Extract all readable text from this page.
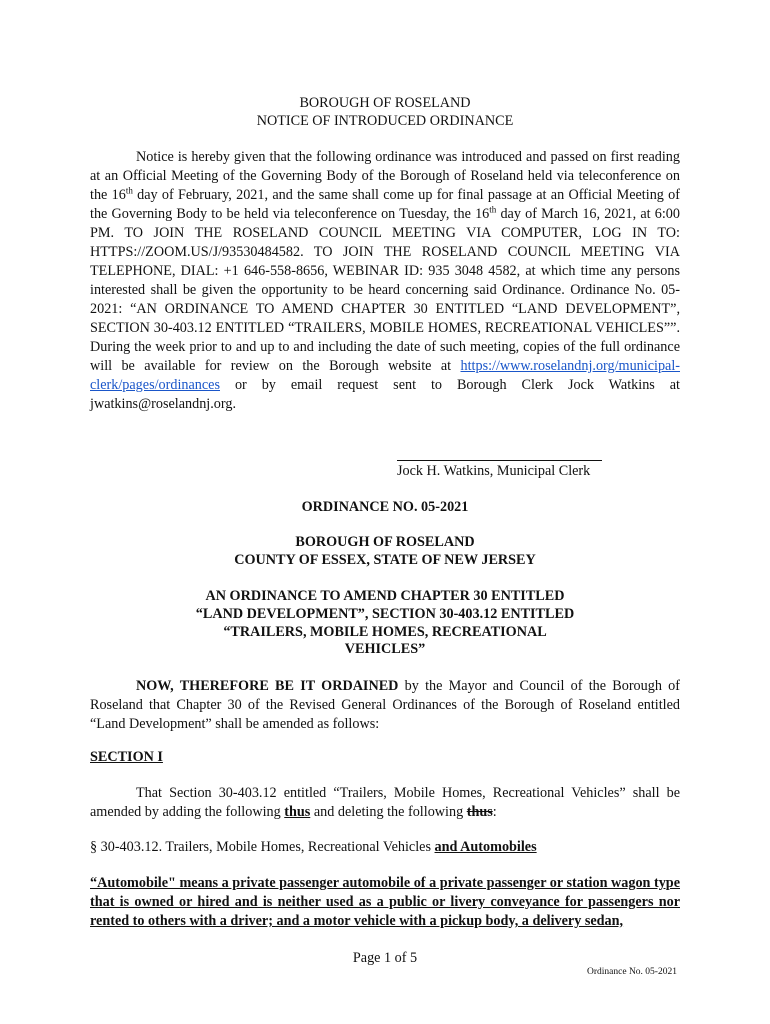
BOROUGH OF ROSELAND
NOTICE OF INTRODUCED ORDINANCE
Notice is hereby given that the following ordinance was introduced and passed on first reading at an Official Meeting of the Governing Body of the Borough of Roseland held via teleconference on the 16th day of February, 2021, and the same shall come up for final passage at an Official Meeting of the Governing Body to be held via teleconference on Tuesday, the 16th day of March 16, 2021, at 6:00 PM. TO JOIN THE ROSELAND COUNCIL MEETING VIA COMPUTER, LOG IN TO: HTTPS://ZOOM.US/J/93530484582. TO JOIN THE ROSELAND COUNCIL MEETING VIA TELEPHONE, DIAL: +1 646-558-8656, WEBINAR ID: 935 3048 4582, at which time any persons interested shall be given the opportunity to be heard concerning said Ordinance. Ordinance No. 05-2021: “AN ORDINANCE TO AMEND CHAPTER 30 ENTITLED “LAND DEVELOPMENT”, SECTION 30-403.12 ENTITLED “TRAILERS, MOBILE HOMES, RECREATIONAL VEHICLES””. During the week prior to and up to and including the date of such meeting, copies of the full ordinance will be available for review on the Borough website at https://www.roselandnj.org/municipal-clerk/pages/ordinances or by email request sent to Borough Clerk Jock Watkins at jwatkins@roselandnj.org.
Jock H. Watkins, Municipal Clerk
ORDINANCE NO. 05-2021
BOROUGH OF ROSELAND
COUNTY OF ESSEX, STATE OF NEW JERSEY
AN ORDINANCE TO AMEND CHAPTER 30 ENTITLED
“LAND DEVELOPMENT”, SECTION 30-403.12 ENTITLED
“TRAILERS, MOBILE HOMES, RECREATIONAL
VEHICLES”
NOW, THEREFORE BE IT ORDAINED by the Mayor and Council of the Borough of Roseland that Chapter 30 of the Revised General Ordinances of the Borough of Roseland entitled “Land Development” shall be amended as follows:
SECTION I
That Section 30-403.12 entitled “Trailers, Mobile Homes, Recreational Vehicles” shall be amended by adding the following thus and deleting the following thus:
§ 30-403.12. Trailers, Mobile Homes, Recreational Vehicles and Automobiles
“Automobile" means a private passenger automobile of a private passenger or station wagon type that is owned or hired and is neither used as a public or livery conveyance for passengers nor rented to others with a driver; and a motor vehicle with a pickup body, a delivery sedan,
Page 1 of 5
Ordinance No. 05-2021
